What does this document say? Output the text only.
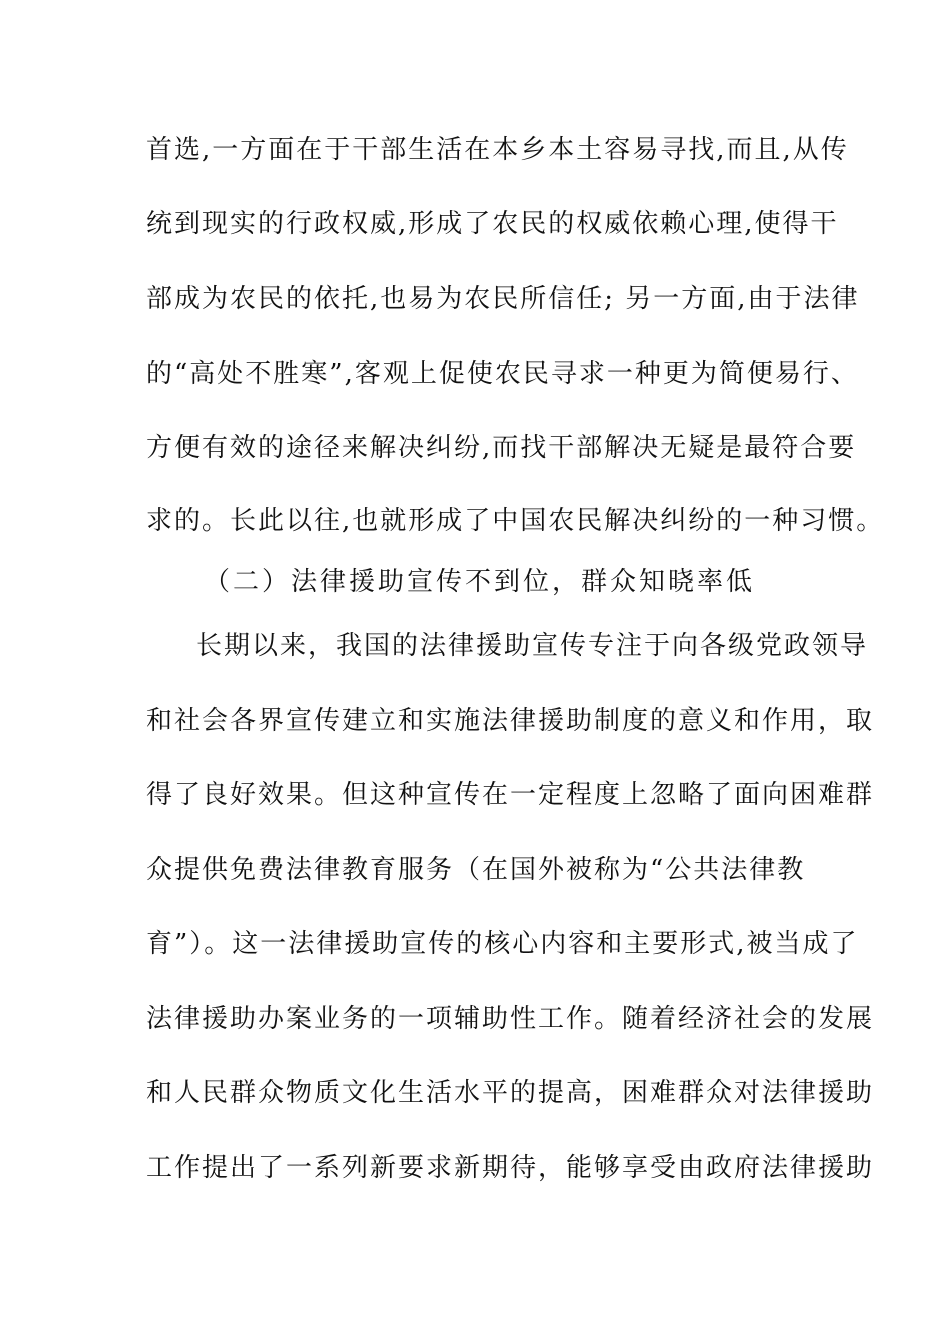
首选,一方面在于干部生活在本乡本土容易寻找,而且,从传
统到现实的行政权威,形成了农民的权威依赖心理,使得干
部成为农民的依托,也易为农民所信任; 另一方面,由于法律
的“高处不胜寒”,客观上促使农民寻求一种更为简便易行、
方便有效的途径来解决纠纷,而找干部解决无疑是最符合要
求的。长此以往,也就形成了中国农民解决纠纷的一种习惯。
（二）法律援助宣传不到位，群众知晓率低
长期以来，我国的法律援助宣传专注于向各级党政领导
和社会各界宣传建立和实施法律援助制度的意义和作用，取
得了良好效果。但这种宣传在一定程度上忽略了面向困难群
众提供免费法律教育服务（在国外被称为“公共法律教
育”）。这一法律援助宣传的核心内容和主要形式,被当成了
法律援助办案业务的一项辅助性工作。随着经济社会的发展
和人民群众物质文化生活水平的提高，困难群众对法律援助
工作提出了一系列新要求新期待，能够享受由政府法律援助
